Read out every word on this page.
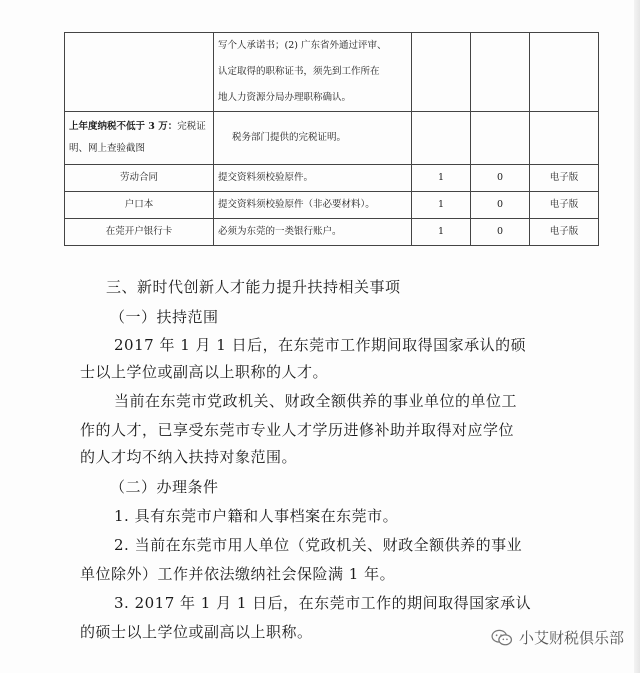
	写个人承诺书；(2) 广东省外通过评审、
认定取得的职称证书，须先到工作所在
地人力资源分局办理职称确认。			

上年度纳税不低于 3 万：完税证
明、网上查验截图	税务部门提供的完税证明。			
劳动合同	提交资料须校验原件。	1	0	电子版
户口本	提交资料须校验原件（非必要材料）。	1	0	电子版
在莞开户银行卡	必须为东莞的一类银行账户。	1	0	电子版
三、新时代创新人才能力提升扶持相关事项
（一）扶持范围
2017 年 1 月 1 日后，在东莞市工作期间取得国家承认的硕
士以上学位或副高以上职称的人才。
当前在东莞市党政机关、财政全额供养的事业单位的单位工
作的人才，已享受东莞市专业人才学历进修补助并取得对应学位
的人才均不纳入扶持对象范围。
（二）办理条件
1. 具有东莞市户籍和人事档案在东莞市。
2. 当前在东莞市用人单位（党政机关、财政全额供养的事业
单位除外）工作并依法缴纳社会保险满 1 年。
3. 2017 年 1 月 1 日后，在东莞市工作的期间取得国家承认
的硕士以上学位或副高以上职称。	小艾财税俱乐部
